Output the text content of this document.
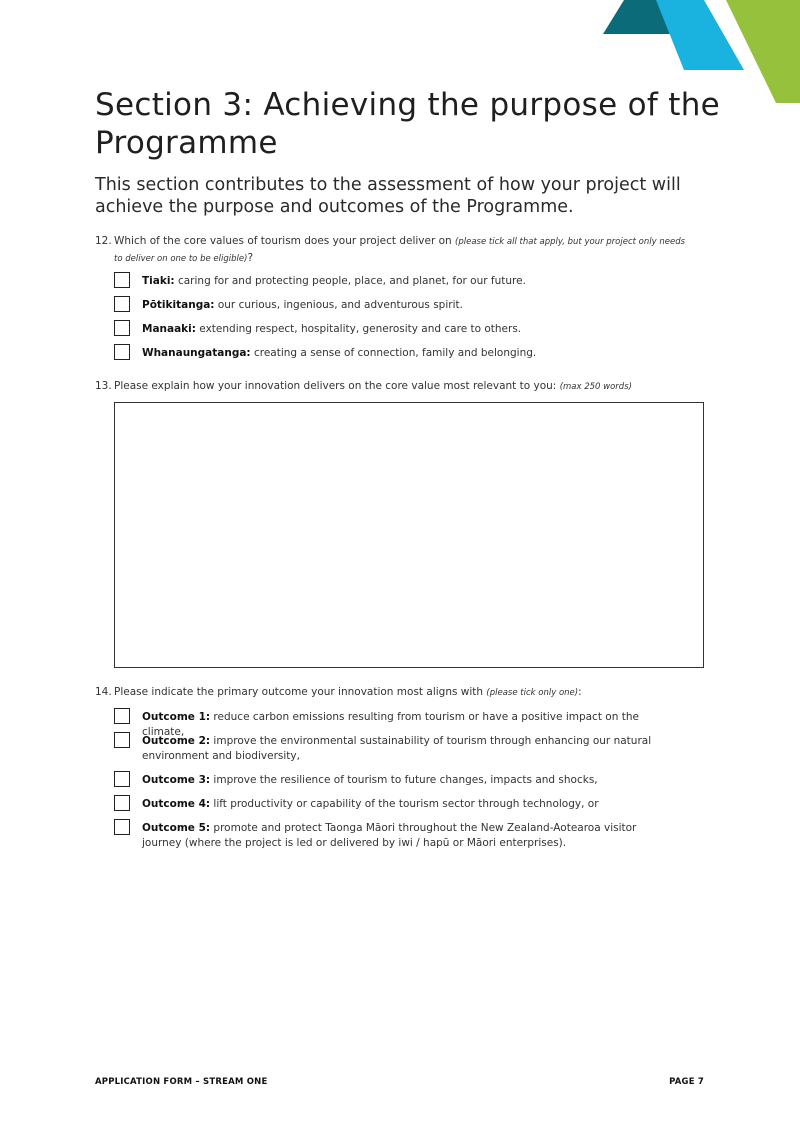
Section 3: Achieving the purpose of the Programme

This section contributes to the assessment of how your project will achieve the purpose and outcomes of the Programme.

12. Which of the core values of tourism does your project deliver on (please tick all that apply, but your project only needs to deliver on one to be eligible)?
Tiaki: caring for and protecting people, place, and planet, for our future.
Pōtikitanga: our curious, ingenious, and adventurous spirit.
Manaaki: extending respect, hospitality, generosity and care to others.
Whanaungatanga: creating a sense of connection, family and belonging.
13. Please explain how your innovation delivers on the core value most relevant to you: (max 250 words)
14. Please indicate the primary outcome your innovation most aligns with (please tick only one):
Outcome 1: reduce carbon emissions resulting from tourism or have a positive impact on the climate,
Outcome 2: improve the environmental sustainability of tourism through enhancing our natural environment and biodiversity,
Outcome 3: improve the resilience of tourism to future changes, impacts and shocks,
Outcome 4: lift productivity or capability of the tourism sector through technology, or
Outcome 5: promote and protect Taonga Māori throughout the New Zealand-Aotearoa visitor journey (where the project is led or delivered by iwi / hapū or Māori enterprises).
APPLICATION FORM – STREAM ONE	PAGE 7
